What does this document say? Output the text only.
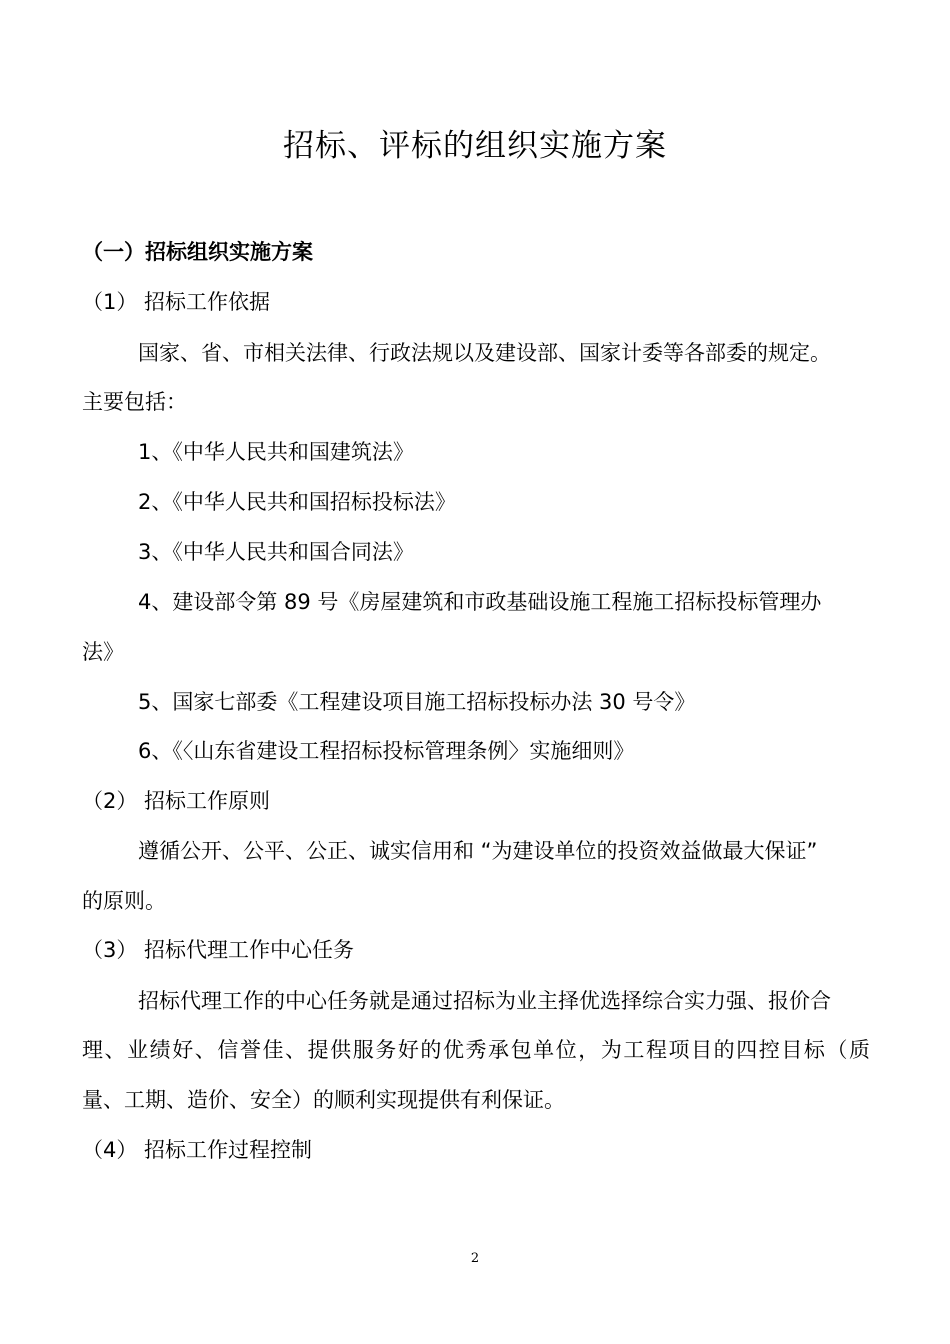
招标、评标的组织实施方案
（一）招标组织实施方案
（1） 招标工作依据
国家、省、市相关法律、行政法规以及建设部、国家计委等各部委的规定。
主要包括：
1、《中华人民共和国建筑法》
2、《中华人民共和国招标投标法》
3、《中华人民共和国合同法》
4、建设部令第 89 号《房屋建筑和市政基础设施工程施工招标投标管理办
法》
5、国家七部委《工程建设项目施工招标投标办法 30 号令》
6、《〈山东省建设工程招标投标管理条例〉实施细则》
（2） 招标工作原则
遵循公开、公平、公正、诚实信用和 “为建设单位的投资效益做最大保证”
的原则。
（3） 招标代理工作中心任务
招标代理工作的中心任务就是通过招标为业主择优选择综合实力强、报价合
理、业绩好、信誉佳、提供服务好的优秀承包单位，为工程项目的四控目标（质
量、工期、造价、安全）的顺利实现提供有利保证。
（4） 招标工作过程控制
2
